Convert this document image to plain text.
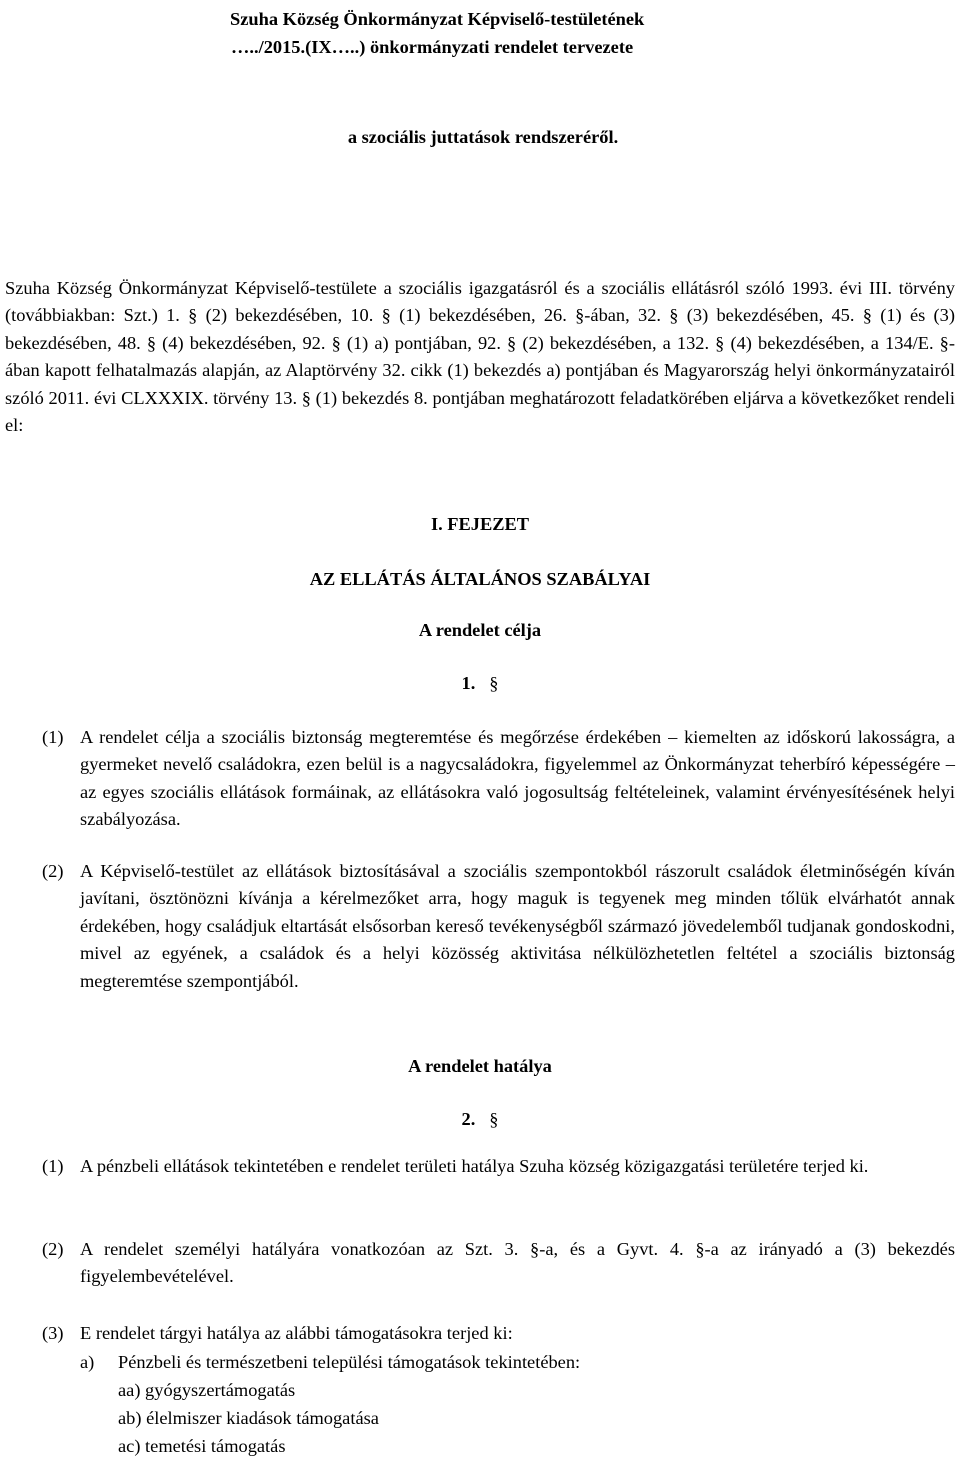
Szuha Község Önkormányzat Képviselő-testületének
…../2015.(IX…..) önkormányzati rendelet tervezete
a szociális juttatások rendszeréről.

Szuha Község Önkormányzat Képviselő-testülete a szociális igazgatásról és a szociális ellátásról szóló 1993. évi III. törvény (továbbiakban: Szt.) 1. § (2) bekezdésében, 10. § (1) bekezdésében, 26. §-ában, 32. § (3) bekezdésében, 45. § (1) és (3) bekezdésében, 48. § (4) bekezdésében, 92. § (1) a) pontjában, 92. § (2) bekezdésében, a 132. § (4) bekezdésében, a 134/E. §-ában kapott felhatalmazás alapján, az Alaptörvény 32. cikk (1) bekezdés a) pontjában és Magyarország helyi önkormányzatairól szóló 2011. évi CLXXXIX. törvény 13. § (1) bekezdés 8. pontjában meghatározott feladatkörében eljárva a következőket rendeli el:

I. FEJEZET
AZ ELLÁTÁS ÁLTALÁNOS SZABÁLYAI
A rendelet célja
1. §
(1) A rendelet célja a szociális biztonság megteremtése és megőrzése érdekében ‒ kiemelten az időskorú lakosságra, a gyermeket nevelő családokra, ezen belül is a nagycsaládokra, figyelemmel az Önkormányzat teherbíró képességére ‒ az egyes szociális ellátások formáinak, az ellátásokra való jogosultság feltételeinek, valamint érvényesítésének helyi szabályozása.
(2) A Képviselő-testület az ellátások biztosításával a szociális szempontokból rászorult családok életminőségén kíván javítani, ösztönözni kívánja a kérelmezőket arra, hogy maguk is tegyenek meg minden tőlük elvárhatót annak érdekében, hogy családjuk eltartását elsősorban kereső tevékenységből származó jövedelemből tudjanak gondoskodni, mivel az egyének, a családok és a helyi közösség aktivitása nélkülözhetetlen feltétel a szociális biztonság megteremtése szempontjából.
A rendelet hatálya
2. §
(1) A pénzbeli ellátások tekintetében e rendelet területi hatálya Szuha község közigazgatási területére terjed ki.
(2) A rendelet személyi hatályára vonatkozóan az Szt. 3. §-a, és a Gyvt. 4. §-a az irányadó a (3) bekezdés figyelembevételével.
(3) E rendelet tárgyi hatálya az alábbi támogatásokra terjed ki:
a) Pénzbeli és természetbeni települési támogatások tekintetében:
aa) gyógyszertámogatás
ab) élelmiszer kiadások támogatása
ac) temetési támogatás
